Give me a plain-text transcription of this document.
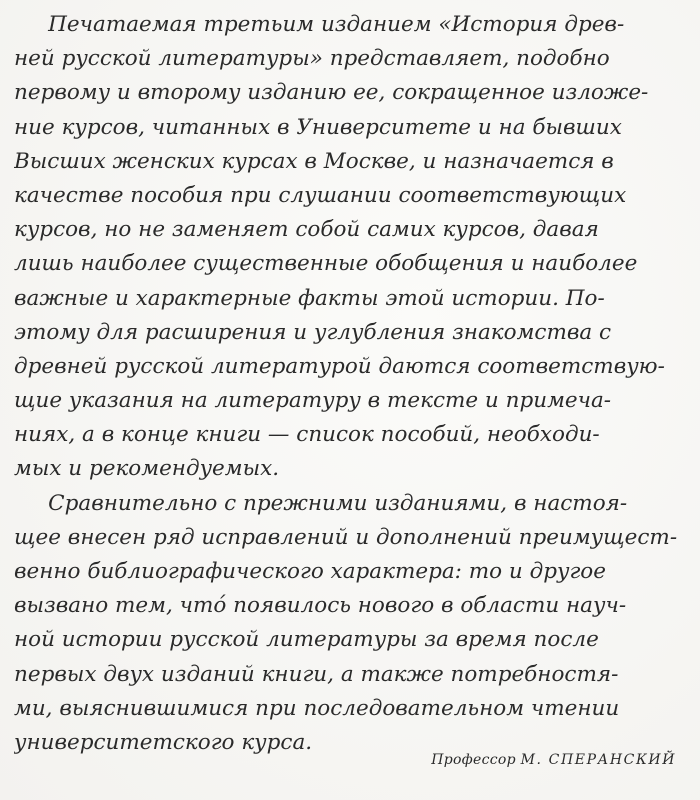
Печатаемая третьим изданием «История древ-
ней русской литературы» представляет, подобно
первому и второму изданию ее, сокращенное изложе-
ние курсов, читанных в Университете и на бывших
Высших женских курсах в Москве, и назначается в
качестве пособия при слушании соответствующих
курсов, но не заменяет собой самих курсов, давая
лишь наиболее существенные обобщения и наиболее
важные и характерные факты этой истории. По-
этому для расширения и углубления знакомства с
древней русской литературой даются соответствую-
щие указания на литературу в тексте и примеча-
ниях, а в конце книги — список пособий, необходи-
мых и рекомендуемых.
Сравнительно с прежними изданиями, в настоя-
щее внесен ряд исправлений и дополнений преимущест-
венно библиографического характера: то и другое
вызвано тем, что́ появилось нового в области науч-
ной истории русской литературы за время после
первых двух изданий книги, а также потребностя-
ми, выяснившимися при последовательном чтении
университетского курса.
Профессор М. СПЕРАНСКИЙ
